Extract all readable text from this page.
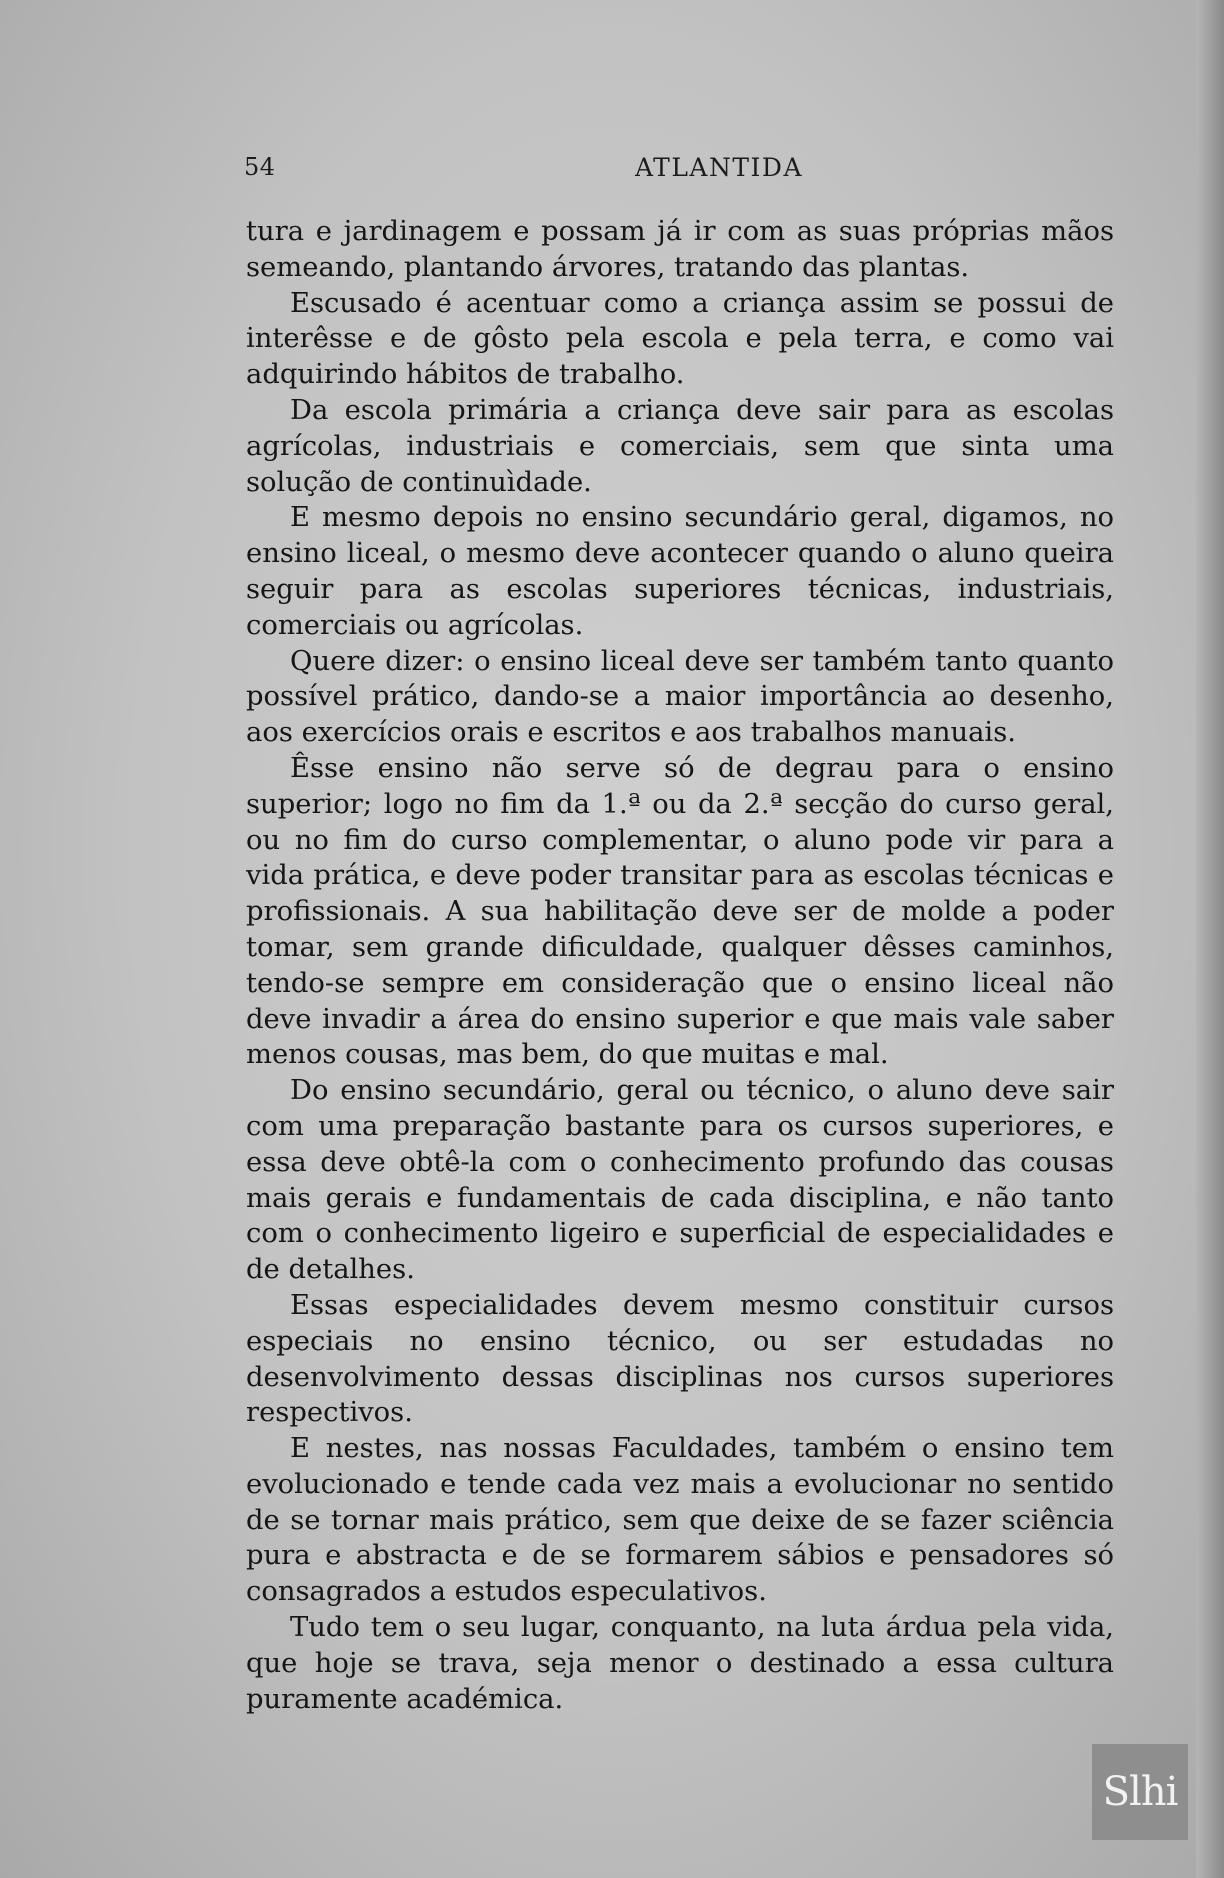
54	ATLANTIDA

tura e jardinagem e possam já ir com as suas próprias mãos semeando, plantando árvores, tratando das plantas.

Escusado é acentuar como a criança assim se possui de interêsse e de gôsto pela escola e pela terra, e como vai adquirindo hábitos de trabalho.

Da escola primária a criança deve sair para as escolas agrícolas, industriais e comerciais, sem que sinta uma solução de continuìdade.

E mesmo depois no ensino secundário geral, digamos, no ensino liceal, o mesmo deve acontecer quando o aluno queira seguir para as escolas superiores técnicas, industriais, comerciais ou agrícolas.

Quere dizer: o ensino liceal deve ser também tanto quanto possível prático, dando-se a maior importância ao desenho, aos exercícios orais e escritos e aos trabalhos manuais.

Êsse ensino não serve só de degrau para o ensino superior; logo no fim da 1.ª ou da 2.ª secção do curso geral, ou no fim do curso complementar, o aluno pode vir para a vida prática, e deve poder transitar para as escolas técnicas e profissionais. A sua habilitação deve ser de molde a poder tomar, sem grande dificuldade, qualquer dêsses caminhos, tendo-se sempre em consideração que o ensino liceal não deve invadir a área do ensino superior e que mais vale saber menos cousas, mas bem, do que muitas e mal.

Do ensino secundário, geral ou técnico, o aluno deve sair com uma preparação bastante para os cursos superiores, e essa deve obtê-la com o conhecimento profundo das cousas mais gerais e fundamentais de cada disciplina, e não tanto com o conhecimento ligeiro e superficial de especialidades e de detalhes.

Essas especialidades devem mesmo constituir cursos especiais no ensino técnico, ou ser estudadas no desenvolvimento dessas disciplinas nos cursos superiores respectivos.

E nestes, nas nossas Faculdades, também o ensino tem evolucionado e tende cada vez mais a evolucionar no sentido de se tornar mais prático, sem que deixe de se fazer sciência pura e abstracta e de se formarem sábios e pensadores só consagrados a estudos especulativos.

Tudo tem o seu lugar, conquanto, na luta árdua pela vida, que hoje se trava, seja menor o destinado a essa cultura puramente académica.

Slhi
